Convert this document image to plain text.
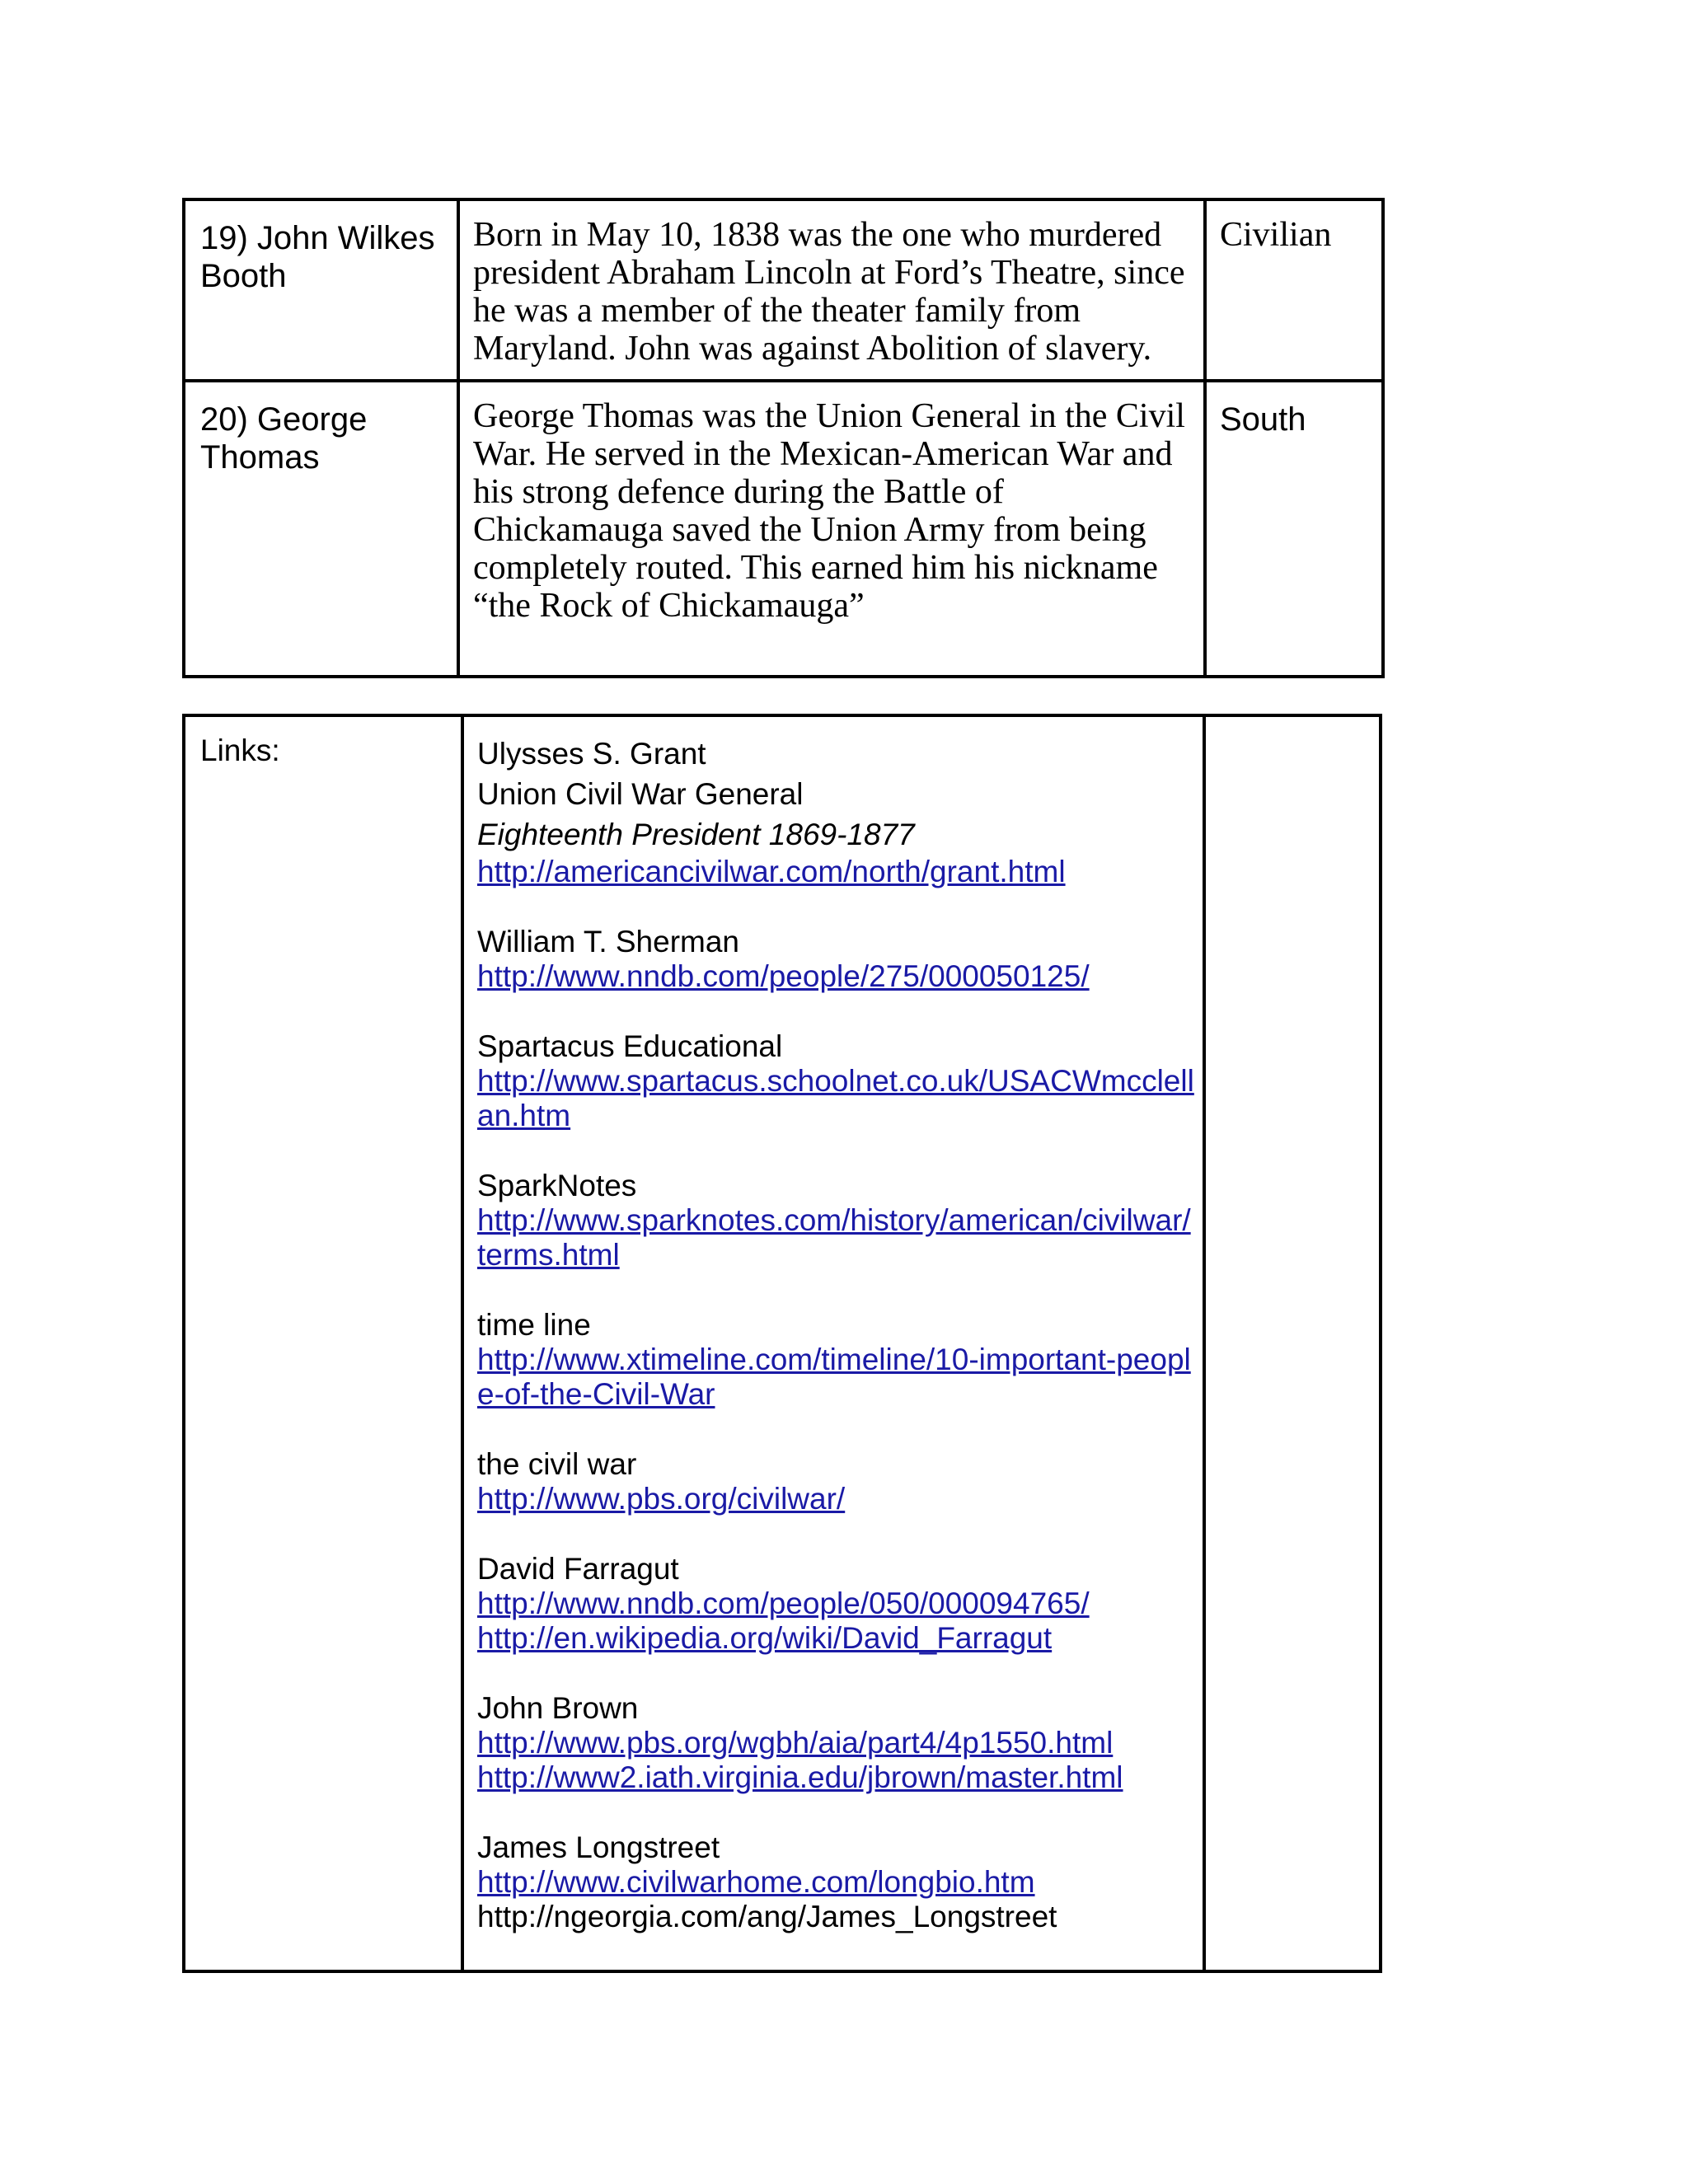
19) John Wilkes Booth	Born in May 10, 1838 was the one who murdered president Abraham Lincoln at Ford’s Theatre, since he was a member of the theater family from Maryland. John was against Abolition of slavery.	Civilian
20) George Thomas	George Thomas was the Union General in the Civil War. He served in the Mexican-American War and his strong defence during the Battle of Chickamauga saved the Union Army from being completely routed. This earned him his nickname “the Rock of Chickamauga”	South
Links:	Ulysses S. Grant
Union Civil War General
Eighteenth President 1869-1877
http://americancivilwar.com/north/grant.html
William T. Sherman
http://www.nndb.com/people/275/000050125/
Spartacus Educational
http://www.spartacus.schoolnet.co.uk/USACWmcclellan.htm
SparkNotes
http://www.sparknotes.com/history/american/civilwar/terms.html
time line
http://www.xtimeline.com/timeline/10-important-people-of-the-Civil-War
the civil war
http://www.pbs.org/civilwar/
David Farragut
http://www.nndb.com/people/050/000094765/
http://en.wikipedia.org/wiki/David_Farragut
John Brown
http://www.pbs.org/wgbh/aia/part4/4p1550.html
http://www2.iath.virginia.edu/jbrown/master.html
James Longstreet
http://www.civilwarhome.com/longbio.htm
http://ngeorgia.com/ang/James_Longstreet
